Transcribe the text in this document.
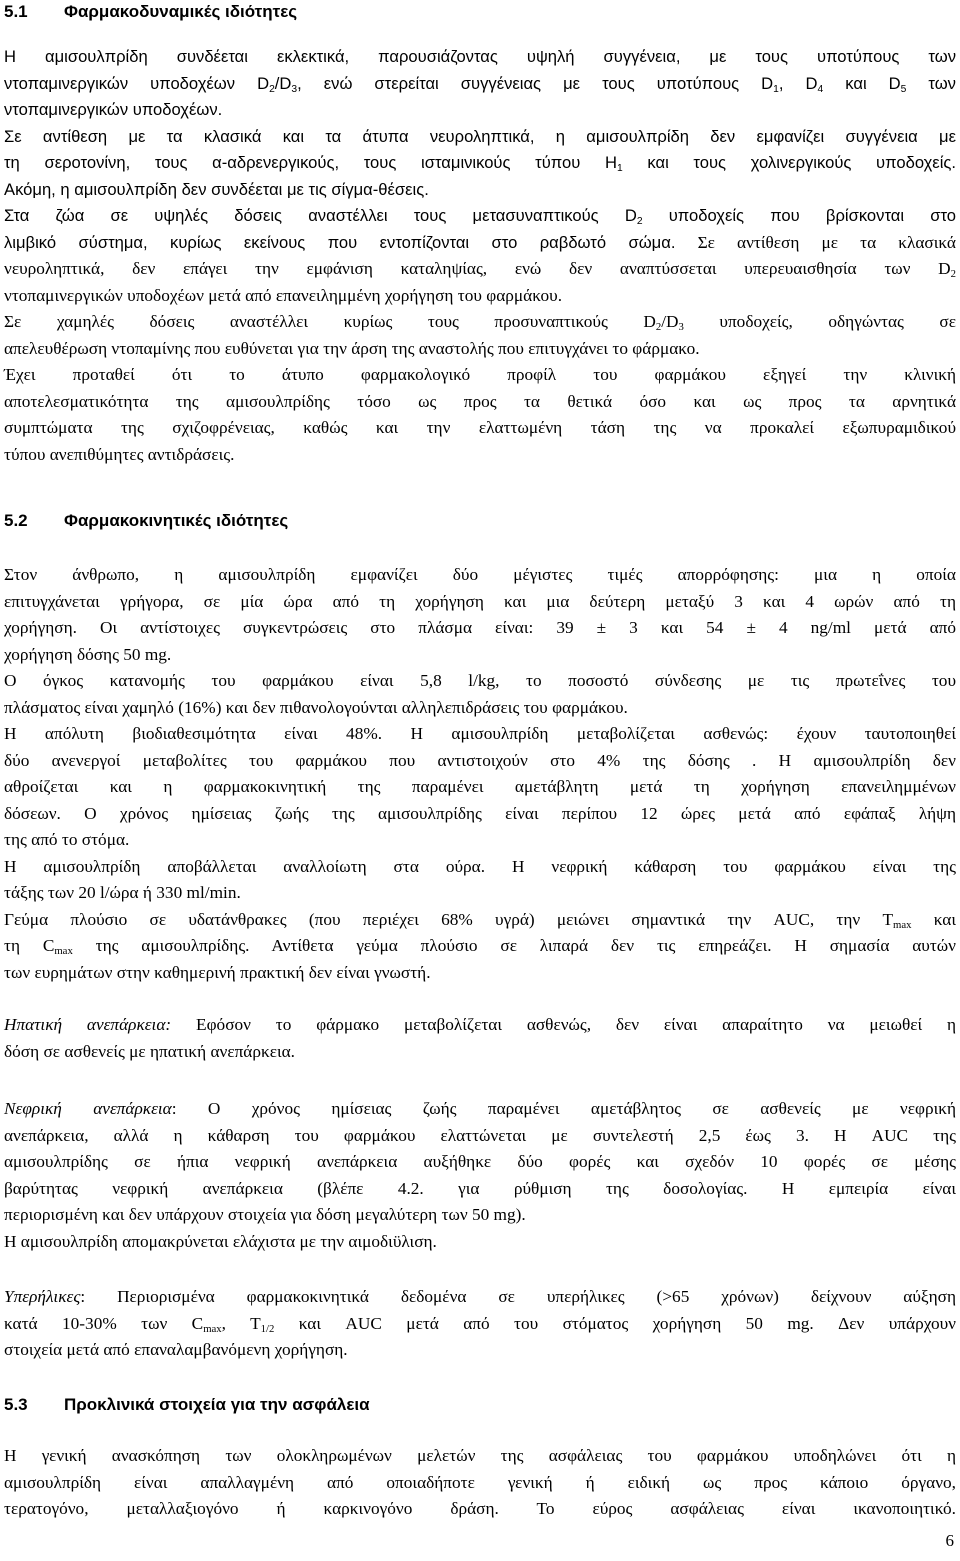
5.1	Φαρμακοδυναμικές ιδιότητες
Η αμισουλπρίδη συνδέεται εκλεκτικά, παρουσιάζοντας υψηλή συγγένεια, με τους υποτύπους των
ντοπαμινεργικών υποδοχέων $D_2/D_3$, ενώ στερείται συγγένειας με τους υποτύπους $D_1$, $D_4$ και $D_5$ των
ντοπαμινεργικών υποδοχέων.
Σε αντίθεση με τα κλασικά και τα άτυπα νευροληπτικά, η αμισουλπρίδη δεν εμφανίζει συγγένεια με
τη σεροτονίνη, τους α-αδρενεργικούς, τους ισταμινικούς τύπου $H_1$ και τους χολινεργικούς υποδοχείς.
Ακόμη, η αμισουλπρίδη δεν συνδέεται με τις σίγμα-θέσεις.
Στα ζώα σε υψηλές δόσεις αναστέλλει τους μετασυναπτικούς $D_2$ υποδοχείς που βρίσκονται στο
λιμβικό σύστημα, κυρίως εκείνους που εντοπίζονται στο ραβδωτό σώμα. Σε αντίθεση με τα κλασικά
νευροληπτικά, δεν επάγει την εμφάνιση καταληψίας, ενώ δεν αναπτύσσεται υπερευαισθησία των $D_2$
ντοπαμινεργικών υποδοχέων μετά από επανειλημμένη χορήγηση του φαρμάκου.
Σε χαμηλές δόσεις αναστέλλει κυρίως τους προσυναπτικούς $D_2/D_3$ υποδοχείς, οδηγώντας σε
απελευθέρωση ντοπαμίνης που ευθύνεται για την άρση της αναστολής που επιτυγχάνει το φάρμακο.
Έχει προταθεί ότι το άτυπο φαρμακολογικό προφίλ του φαρμάκου εξηγεί την κλινική
αποτελεσματικότητα της αμισουλπρίδης τόσο ως προς τα θετικά όσο και ως προς τα αρνητικά
συμπτώματα της σχιζοφρένειας, καθώς και την ελαττωμένη τάση της να προκαλεί εξωπυραμιδικού
τύπου ανεπιθύμητες αντιδράσεις.
5.2	Φαρμακοκινητικές ιδιότητες
Στον άνθρωπο, η αμισουλπρίδη εμφανίζει δύο μέγιστες τιμές απορρόφησης: μια η οποία
επιτυγχάνεται γρήγορα, σε μία ώρα από τη χορήγηση και μια δεύτερη μεταξύ 3 και 4 ωρών από τη
χορήγηση. Οι αντίστοιχες συγκεντρώσεις στο πλάσμα είναι: 39 ± 3 και 54 ± 4 ng/ml μετά από
χορήγηση δόσης 50 mg.
Ο όγκος κατανομής του φαρμάκου είναι 5,8 l/kg, το ποσοστό σύνδεσης με τις πρωτεΐνες του
πλάσματος είναι χαμηλό (16%) και δεν πιθανολογούνται αλληλεπιδράσεις του φαρμάκου.
Η απόλυτη βιοδιαθεσιμότητα είναι 48%. Η αμισουλπρίδη μεταβολίζεται ασθενώς: έχουν ταυτοποιηθεί
δύο ανενεργοί μεταβολίτες του φαρμάκου που αντιστοιχούν στο 4% της δόσης . Η αμισουλπρίδη δεν
αθροίζεται και η φαρμακοκινητική της παραμένει αμετάβλητη μετά τη χορήγηση επανειλημμένων
δόσεων. Ο χρόνος ημίσειας ζωής της αμισουλπρίδης είναι περίπου 12 ώρες μετά από εφάπαξ λήψη
της από το στόμα.
Η αμισουλπρίδη αποβάλλεται αναλλοίωτη στα ούρα. Η νεφρική κάθαρση του φαρμάκου είναι της
τάξης των 20 l/ώρα ή 330 ml/min.
Γεύμα πλούσιο σε υδατάνθρακες (που περιέχει 68% υγρά) μειώνει σημαντικά την AUC, την $T_{max}$ και
τη $C_{max}$ της αμισουλπρίδης. Αντίθετα γεύμα πλούσιο σε λιπαρά δεν τις επηρεάζει. Η σημασία αυτών
των ευρημάτων στην καθημερινή πρακτική δεν είναι γνωστή.
Ηπατική ανεπάρκεια: Εφόσον το φάρμακο μεταβολίζεται ασθενώς, δεν είναι απαραίτητο να μειωθεί η
δόση σε ασθενείς με ηπατική ανεπάρκεια.
Νεφρική ανεπάρκεια: Ο χρόνος ημίσειας ζωής παραμένει αμετάβλητος σε ασθενείς με νεφρική
ανεπάρκεια, αλλά η κάθαρση του φαρμάκου ελαττώνεται με συντελεστή 2,5 έως 3. Η AUC της
αμισουλπρίδης σε ήπια νεφρική ανεπάρκεια αυξήθηκε δύο φορές και σχεδόν 10 φορές σε μέσης
βαρύτητας νεφρική ανεπάρκεια (βλέπε 4.2. για ρύθμιση της δοσολογίας. Η εμπειρία είναι
περιορισμένη και δεν υπάρχουν στοιχεία για δόση μεγαλύτερη των 50 mg).
Η αμισουλπρίδη απομακρύνεται ελάχιστα με την αιμοδιϋλιση.
Υπερήλικες: Περιορισμένα φαρμακοκινητικά δεδομένα σε υπερήλικες (>65 χρόνων) δείχνουν αύξηση
κατά 10-30% των $C_{max}$, $T_{1/2}$ και AUC μετά από του στόματος χορήγηση 50 mg. Δεν υπάρχουν
στοιχεία μετά από επαναλαμβανόμενη χορήγηση.
5.3	Προκλινικά στοιχεία για την ασφάλεια
Η γενική ανασκόπηση των ολοκληρωμένων μελετών της ασφάλειας του φαρμάκου υποδηλώνει ότι η
αμισουλπρίδη είναι απαλλαγμένη από οποιαδήποτε γενική ή ειδική ως προς κάποιο όργανο,
τερατογόνο, μεταλλαξιογόνο ή καρκινογόνο δράση. Το εύρος ασφάλειας είναι ικανοποιητικό.
6
